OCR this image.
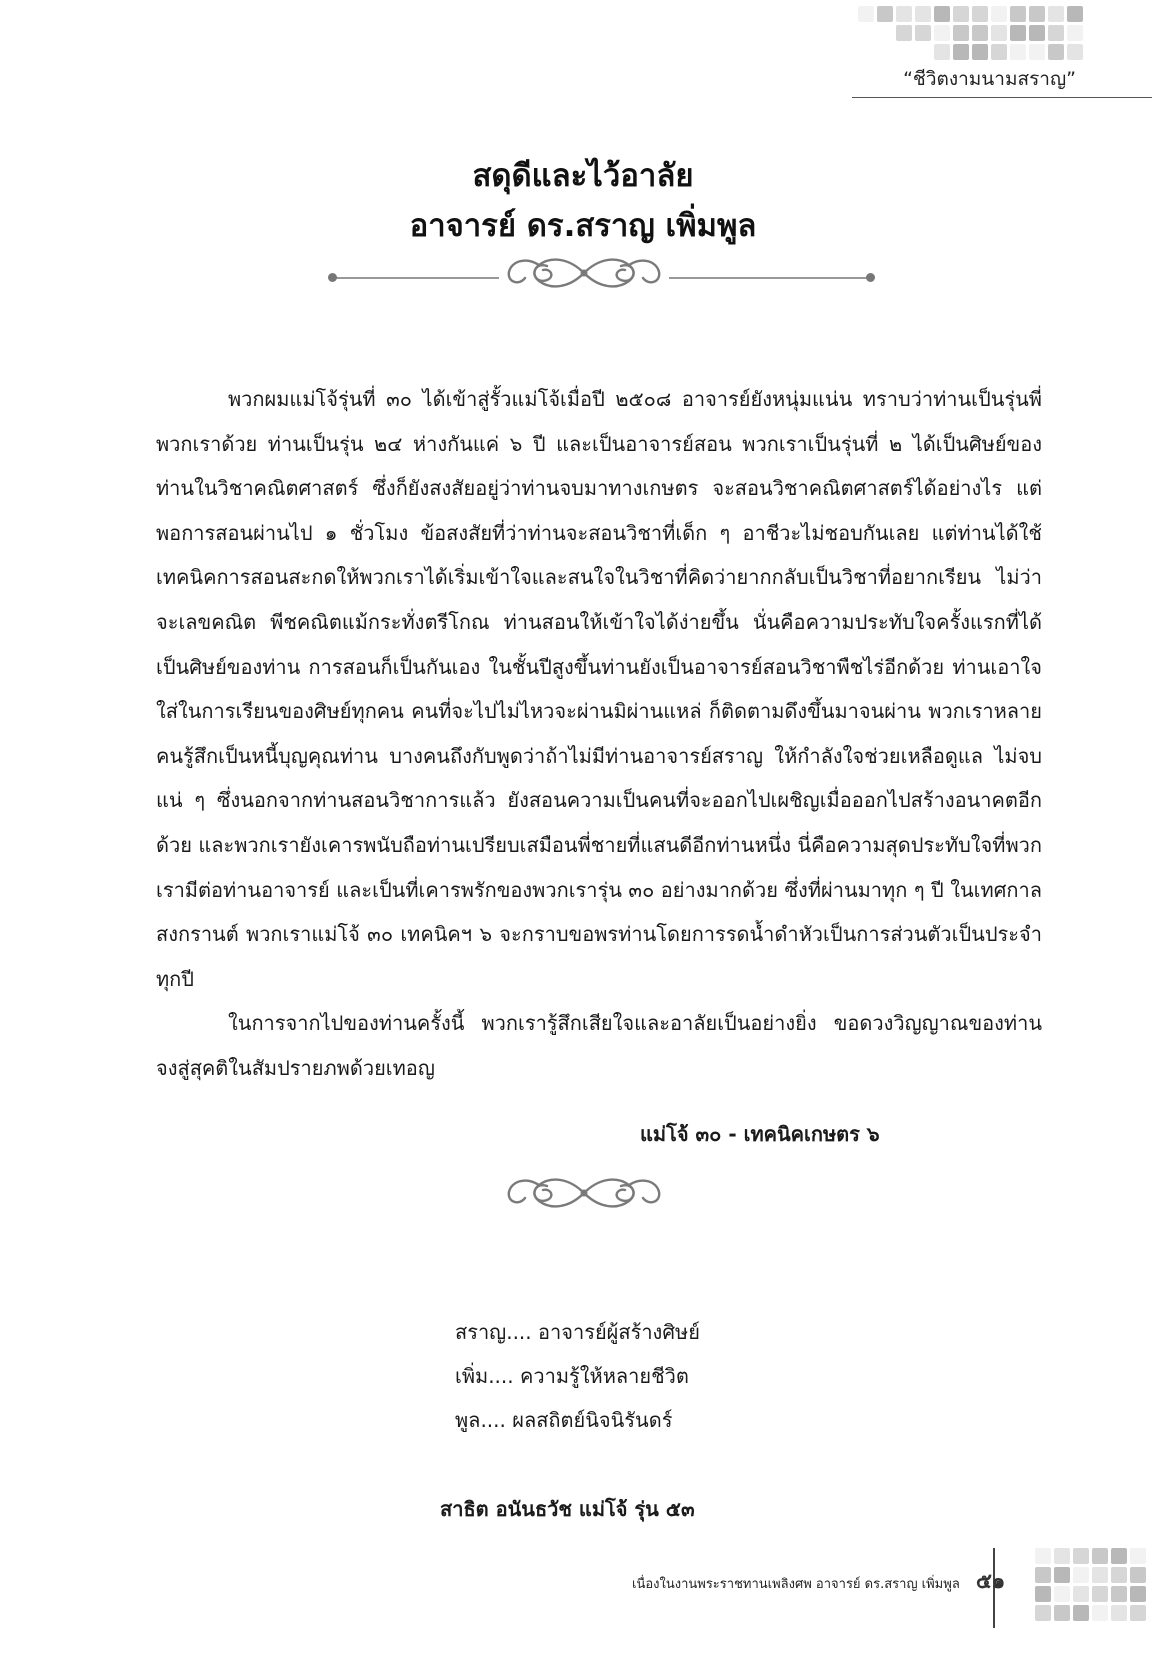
“ชีวิตงามนามสราญ”
สดุดีและไว้อาลัย
อาจารย์ ดร.สราญ เพิ่มพูล

พวกผมแม่โจ้รุ่นที่ ๓๐ ได้เข้าสู่รั้วแม่โจ้เมื่อปี ๒๕๐๘ อาจารย์ยังหนุ่มแน่น ทราบว่าท่านเป็นรุ่นพี่พวกเราด้วย ท่านเป็นรุ่น ๒๔ ห่างกันแค่ ๖ ปี และเป็นอาจารย์สอน พวกเราเป็นรุ่นที่ ๒ ได้เป็นศิษย์ของท่านในวิชาคณิตศาสตร์ ซึ่งก็ยังสงสัยอยู่ว่าท่านจบมาทางเกษตร จะสอนวิชาคณิตศาสตร์ได้อย่างไร แต่พอการสอนผ่านไป ๑ ชั่วโมง ข้อสงสัยที่ว่าท่านจะสอนวิชาที่เด็ก ๆ อาชีวะไม่ชอบกันเลย แต่ท่านได้ใช้เทคนิคการสอนสะกดให้พวกเราได้เริ่มเข้าใจและสนใจในวิชาที่คิดว่ายากกลับเป็นวิชาที่อยากเรียน ไม่ว่าจะเลขคณิต พีชคณิตแม้กระทั่งตรีโกณ ท่านสอนให้เข้าใจได้ง่ายขึ้น นั่นคือความประทับใจครั้งแรกที่ได้เป็นศิษย์ของท่าน การสอนก็เป็นกันเอง ในชั้นปีสูงขึ้นท่านยังเป็นอาจารย์สอนวิชาพืชไร่อีกด้วย ท่านเอาใจใส่ในการเรียนของศิษย์ทุกคน คนที่จะไปไม่ไหวจะผ่านมิผ่านแหล่ ก็ติดตามดึงขึ้นมาจนผ่าน พวกเราหลายคนรู้สึกเป็นหนี้บุญคุณท่าน บางคนถึงกับพูดว่าถ้าไม่มีท่านอาจารย์สราญ ให้กำลังใจช่วยเหลือดูแล ไม่จบแน่ ๆ ซึ่งนอกจากท่านสอนวิชาการแล้ว ยังสอนความเป็นคนที่จะออกไปเผชิญเมื่อออกไปสร้างอนาคตอีกด้วย และพวกเรายังเคารพนับถือท่านเปรียบเสมือนพี่ชายที่แสนดีอีกท่านหนึ่ง นี่คือความสุดประทับใจที่พวกเรามีต่อท่านอาจารย์ และเป็นที่เคารพรักของพวกเรารุ่น ๓๐ อย่างมากด้วย ซึ่งที่ผ่านมาทุก ๆ ปี ในเทศกาลสงกรานต์ พวกเราแม่โจ้ ๓๐ เทคนิคฯ ๖ จะกราบขอพรท่านโดยการรดน้ำดำหัวเป็นการส่วนตัวเป็นประจำทุกปี

ในการจากไปของท่านครั้งนี้ พวกเรารู้สึกเสียใจและอาลัยเป็นอย่างยิ่ง ขอดวงวิญญาณของท่านจงสู่สุคติในสัมปรายภพด้วยเทอญ

แม่โจ้ ๓๐ - เทคนิคเกษตร ๖
สราญ.... อาจารย์ผู้สร้างศิษย์
เพิ่ม.... ความรู้ให้หลายชีวิต
พูล.... ผลสถิตย์นิจนิรันดร์
สาธิต อนันธวัช แม่โจ้ รุ่น ๕๓
เนื่องในงานพระราชทานเพลิงศพ อาจารย์ ดร.สราญ เพิ่มพูล ๕๑
